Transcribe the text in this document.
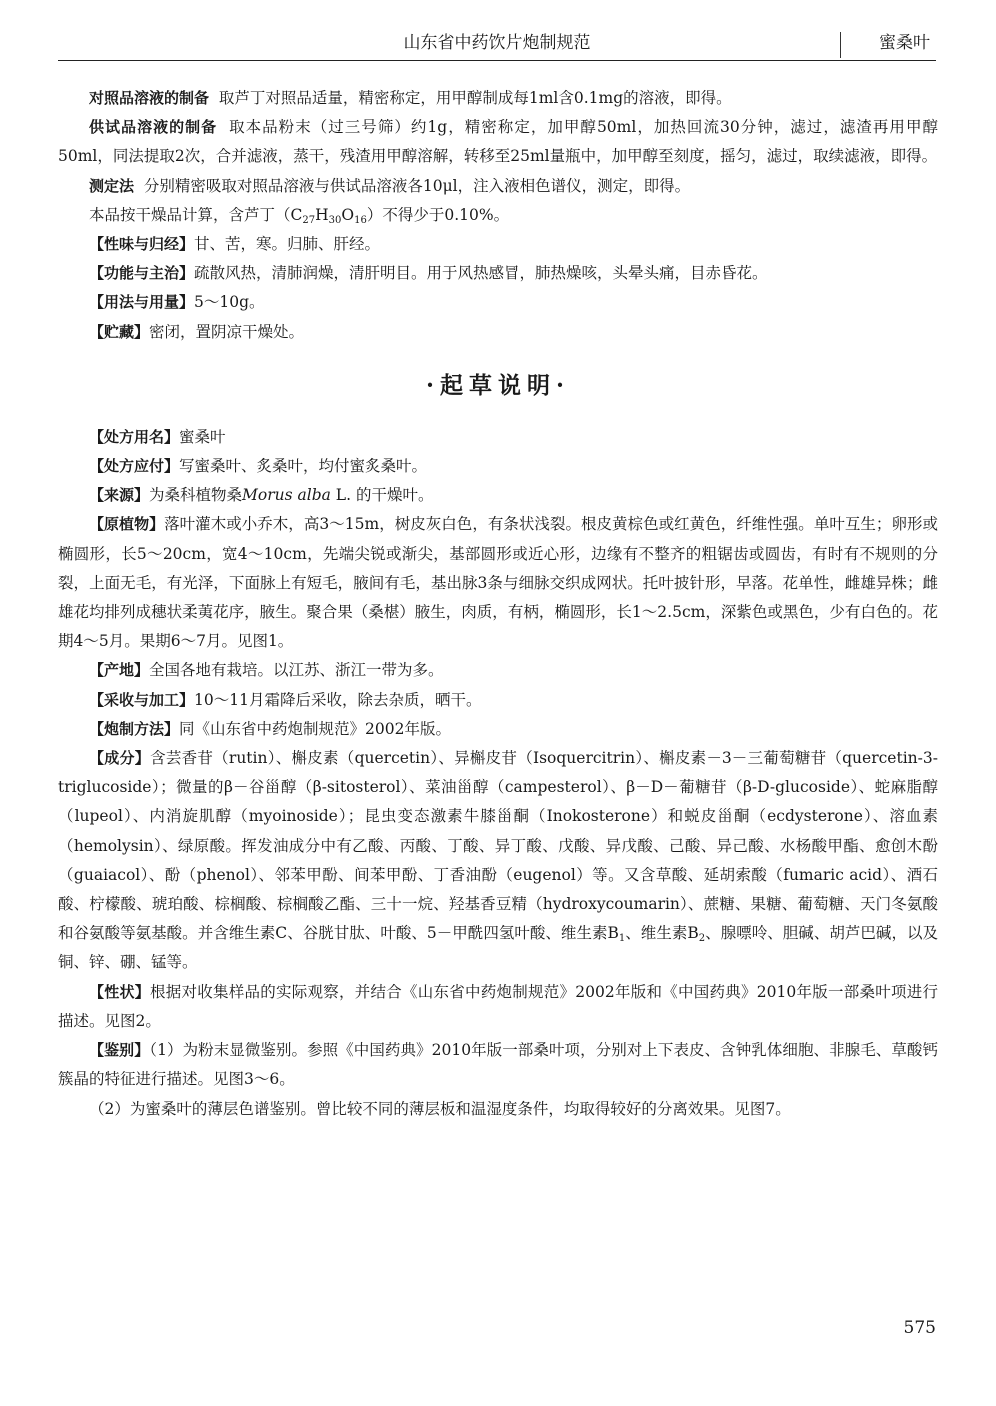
山东省中药饮片炮制规范	蜜桑叶

对照品溶液的制备 取芦丁对照品适量，精密称定，用甲醇制成每1ml含0.1mg的溶液，即得。

供试品溶液的制备 取本品粉末（过三号筛）约1g，精密称定，加甲醇50ml，加热回流30分钟，滤过，滤渣再用甲醇50ml，同法提取2次，合并滤液，蒸干，残渣用甲醇溶解，转移至25ml量瓶中，加甲醇至刻度，摇匀，滤过，取续滤液，即得。

测定法 分别精密吸取对照品溶液与供试品溶液各10μl，注入液相色谱仪，测定，即得。

本品按干燥品计算，含芦丁$(C_{27}H_{30}O_{16})$不得少于0.10%。

【性味与归经】甘、苦，寒。归肺、肝经。

【功能与主治】疏散风热，清肺润燥，清肝明目。用于风热感冒，肺热燥咳，头晕头痛，目赤昏花。

【用法与用量】5～10g。

【贮藏】密闭，置阴凉干燥处。

·起草说明·

【处方用名】蜜桑叶

【处方应付】写蜜桑叶、炙桑叶，均付蜜炙桑叶。

【来源】为桑科植物桑Morus alba L. 的干燥叶。

【原植物】落叶灌木或小乔木，高3～15m，树皮灰白色，有条状浅裂。根皮黄棕色或红黄色，纤维性强。单叶互生；卵形或椭圆形，长5～20cm，宽4～10cm，先端尖锐或渐尖，基部圆形或近心形，边缘有不整齐的粗锯齿或圆齿，有时有不规则的分裂，上面无毛，有光泽，下面脉上有短毛，腋间有毛，基出脉3条与细脉交织成网状。托叶披针形，早落。花单性，雌雄异株；雌雄花均排列成穗状柔荑花序，腋生。聚合果（桑椹）腋生，肉质，有柄，椭圆形，长1～2.5cm，深紫色或黑色，少有白色的。花期4～5月。果期6～7月。见图1。

【产地】全国各地有栽培。以江苏、浙江一带为多。

【采收与加工】10～11月霜降后采收，除去杂质，晒干。

【炮制方法】同《山东省中药炮制规范》2002年版。

【成分】含芸香苷（rutin）、槲皮素（quercetin）、异槲皮苷（Isoquercitrin）、槲皮素－3－三葡萄糖苷（quercetin-3-triglucoside）；微量的β－谷甾醇（β-sitosterol）、菜油甾醇（campesterol）、β－D－葡糖苷（β-D-glucoside）、蛇麻脂醇（lupeol）、内消旋肌醇（myoinoside）；昆虫变态激素牛膝甾酮（Inokosterone）和蜕皮甾酮（ecdysterone）、溶血素（hemolysin）、绿原酸。挥发油成分中有乙酸、丙酸、丁酸、异丁酸、戊酸、异戊酸、己酸、异己酸、水杨酸甲酯、愈创木酚（guaiacol）、酚（phenol）、邻苯甲酚、间苯甲酚、丁香油酚（eugenol）等。又含草酸、延胡索酸（fumaric acid）、酒石酸、柠檬酸、琥珀酸、棕榈酸、棕榈酸乙酯、三十一烷、羟基香豆精（hydroxycoumarin）、蔗糖、果糖、葡萄糖、天门冬氨酸和谷氨酸等氨基酸。并含维生素C、谷胱甘肽、叶酸、5－甲酰四氢叶酸、维生素$B_1$、维生素$B_2$、腺嘌呤、胆碱、胡芦巴碱，以及铜、锌、硼、锰等。

【性状】根据对收集样品的实际观察，并结合《山东省中药炮制规范》2002年版和《中国药典》2010年版一部桑叶项进行描述。见图2。

【鉴别】（1）为粉末显微鉴别。参照《中国药典》2010年版一部桑叶项，分别对上下表皮、含钟乳体细胞、非腺毛、草酸钙簇晶的特征进行描述。见图3～6。

（2）为蜜桑叶的薄层色谱鉴别。曾比较不同的薄层板和温湿度条件，均取得较好的分离效果。见图7。

575
